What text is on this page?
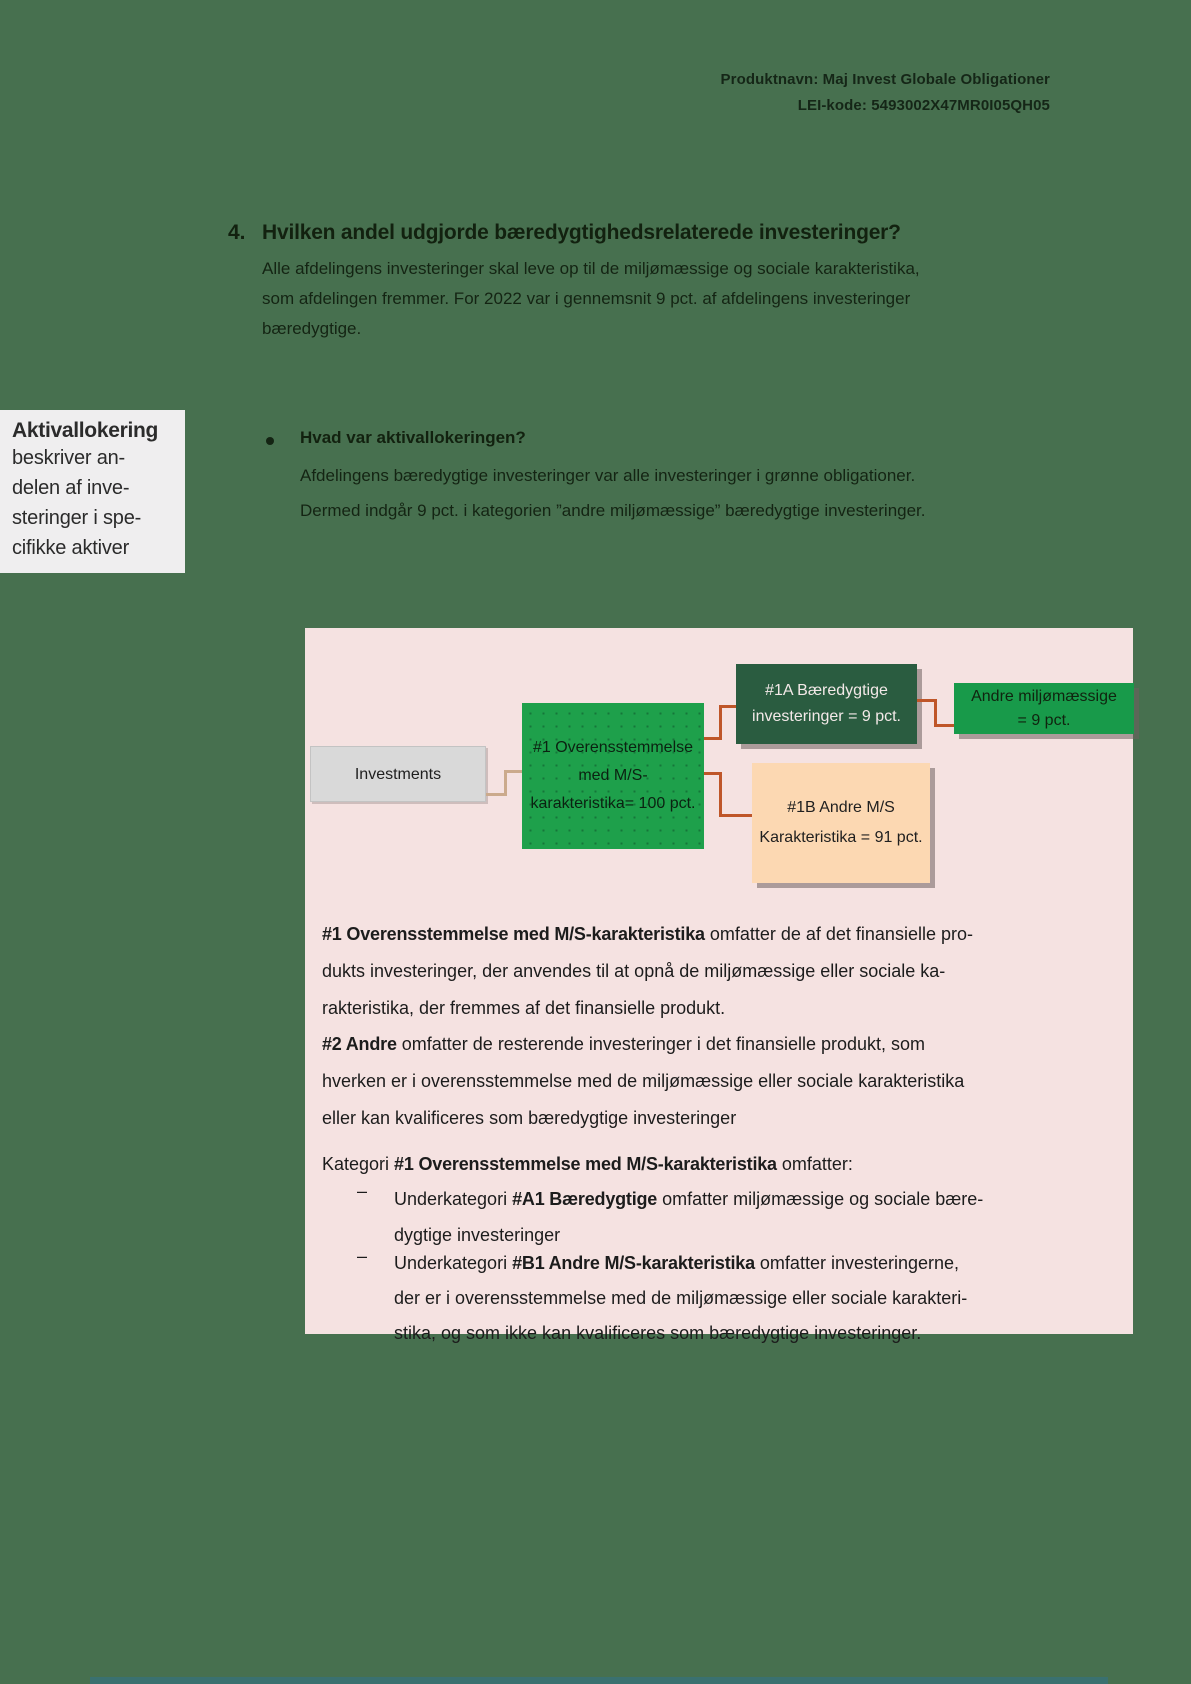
Produktnavn: Maj Invest Globale Obligationer
LEI-kode: 5493002X47MR0I05QH05
4. Hvilken andel udgjorde bæredygtighedsrelaterede investeringer?
Alle afdelingens investeringer skal leve op til de miljømæssige og sociale karakteristika,
som afdelingen fremmer. For 2022 var i gennemsnit 9 pct. af afdelingens investeringer
bæredygtige.
Aktivallokering
beskriver an-
delen af inve-
steringer i spe-
cifikke aktiver
Hvad var aktivallokeringen?
Afdelingens bæredygtige investeringer var alle investeringer i grønne obligationer.
Dermed indgår 9 pct. i kategorien ”andre miljømæssige” bæredygtige investeringer.
Investments
#1 Overensstemmelse
med M/S-
karakteristika= 100 pct.
#1A Bæredygtige
investeringer = 9 pct.
Andre miljømæssige
= 9 pct.
#1B Andre M/S
Karakteristika = 91 pct.
#1 Overensstemmelse med M/S-karakteristika omfatter de af det finansielle pro-
dukts investeringer, der anvendes til at opnå de miljømæssige eller sociale ka-
rakteristika, der fremmes af det finansielle produkt.
#2 Andre omfatter de resterende investeringer i det finansielle produkt, som
hverken er i overensstemmelse med de miljømæssige eller sociale karakteristika
eller kan kvalificeres som bæredygtige investeringer
Kategori #1 Overensstemmelse med M/S-karakteristika omfatter:
– Underkategori #A1 Bæredygtige omfatter miljømæssige og sociale bære-
dygtige investeringer
– Underkategori #B1 Andre M/S-karakteristika omfatter investeringerne,
der er i overensstemmelse med de miljømæssige eller sociale karakteri-
stika, og som ikke kan kvalificeres som bæredygtige investeringer.
